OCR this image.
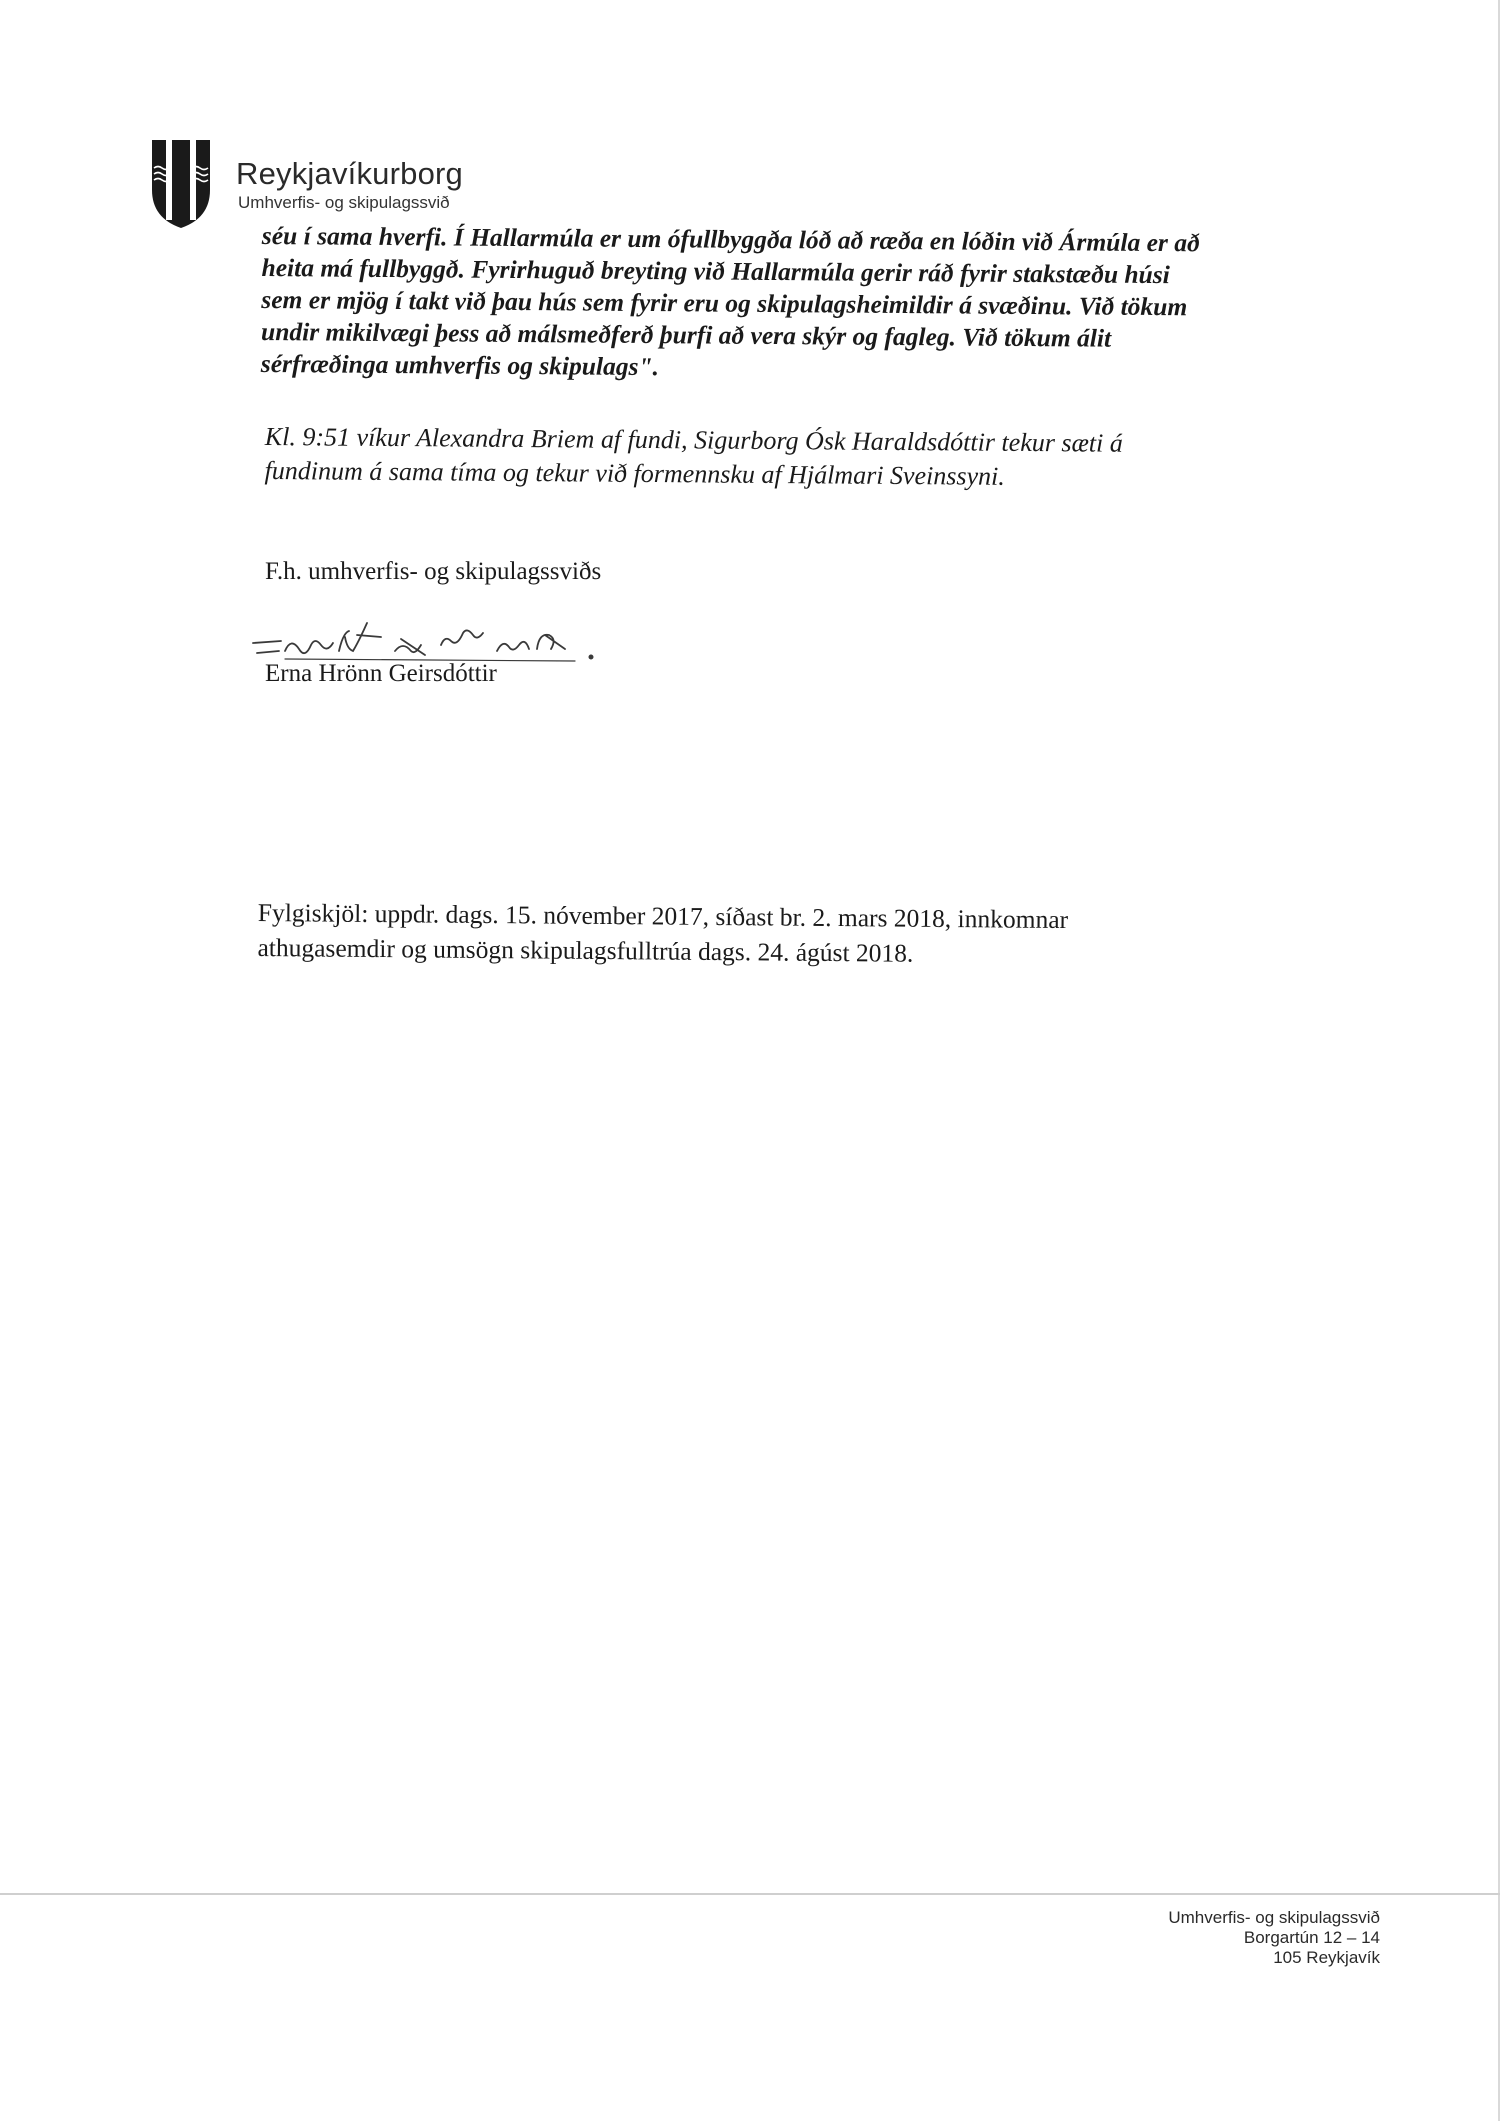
Reykjavíkurborg
Umhverfis- og skipulagssvið
séu í sama hverfi. Í Hallarmúla er um ófullbyggða lóð að ræða en lóðin við Ármúla er að
heita má fullbyggð. Fyrirhuguð breyting við Hallarmúla gerir ráð fyrir stakstæðu húsi
sem er mjög í takt við þau hús sem fyrir eru og skipulagsheimildir á svæðinu. Við tökum
undir mikilvægi þess að málsmeðferð þurfi að vera skýr og fagleg. Við tökum álit
sérfræðinga umhverfis og skipulags".
Kl. 9:51 víkur Alexandra Briem af fundi, Sigurborg Ósk Haraldsdóttir tekur sæti á
fundinum á sama tíma og tekur við formennsku af Hjálmari Sveinssyni.
F.h. umhverfis- og skipulagssviðs
Erna Hrönn Geirsdóttir
Fylgiskjöl: uppdr. dags. 15. nóvember 2017, síðast br. 2. mars 2018, innkomnar
athugasemdir og umsögn skipulagsfulltrúa dags. 24. ágúst 2018.
Umhverfis- og skipulagssvið
Borgartún 12 – 14
105 Reykjavík
